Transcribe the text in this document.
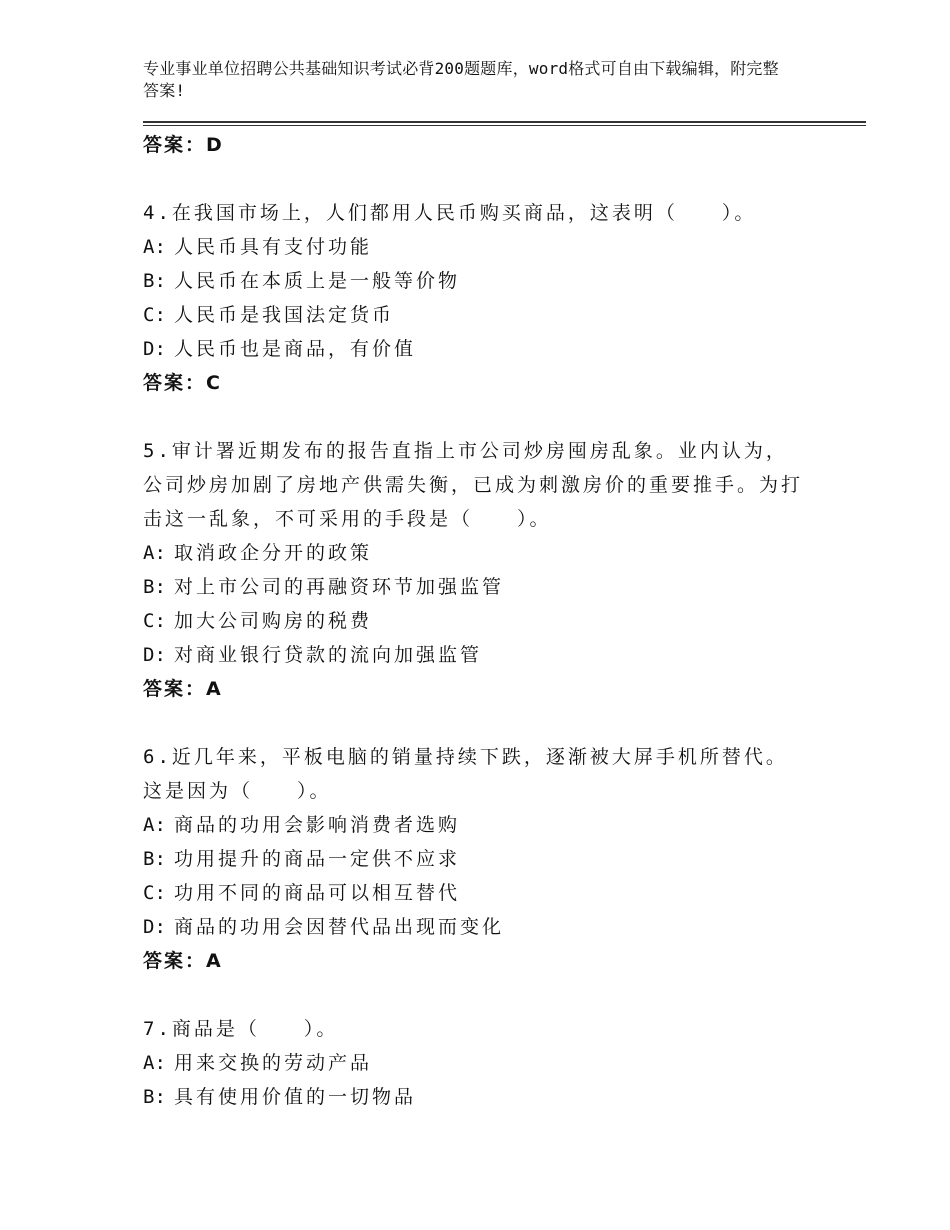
专业事业单位招聘公共基础知识考试必背200题题库，word格式可自由下载编辑，附完整答案!
答案：D
4.在我国市场上，人们都用人民币购买商品，这表明（　　）。
A: 人民币具有支付功能
B: 人民币在本质上是一般等价物
C: 人民币是我国法定货币
D: 人民币也是商品，有价值
答案：C
5.审计署近期发布的报告直指上市公司炒房囤房乱象。业内认为，公司炒房加剧了房地产供需失衡，已成为刺激房价的重要推手。为打击这一乱象，不可采用的手段是（　　）。
A: 取消政企分开的政策
B: 对上市公司的再融资环节加强监管
C: 加大公司购房的税费
D: 对商业银行贷款的流向加强监管
答案：A
6.近几年来，平板电脑的销量持续下跌，逐渐被大屏手机所替代。这是因为（　　）。
A: 商品的功用会影响消费者选购
B: 功用提升的商品一定供不应求
C: 功用不同的商品可以相互替代
D: 商品的功用会因替代品出现而变化
答案：A
7.商品是（　　）。
A: 用来交换的劳动产品
B: 具有使用价值的一切物品
